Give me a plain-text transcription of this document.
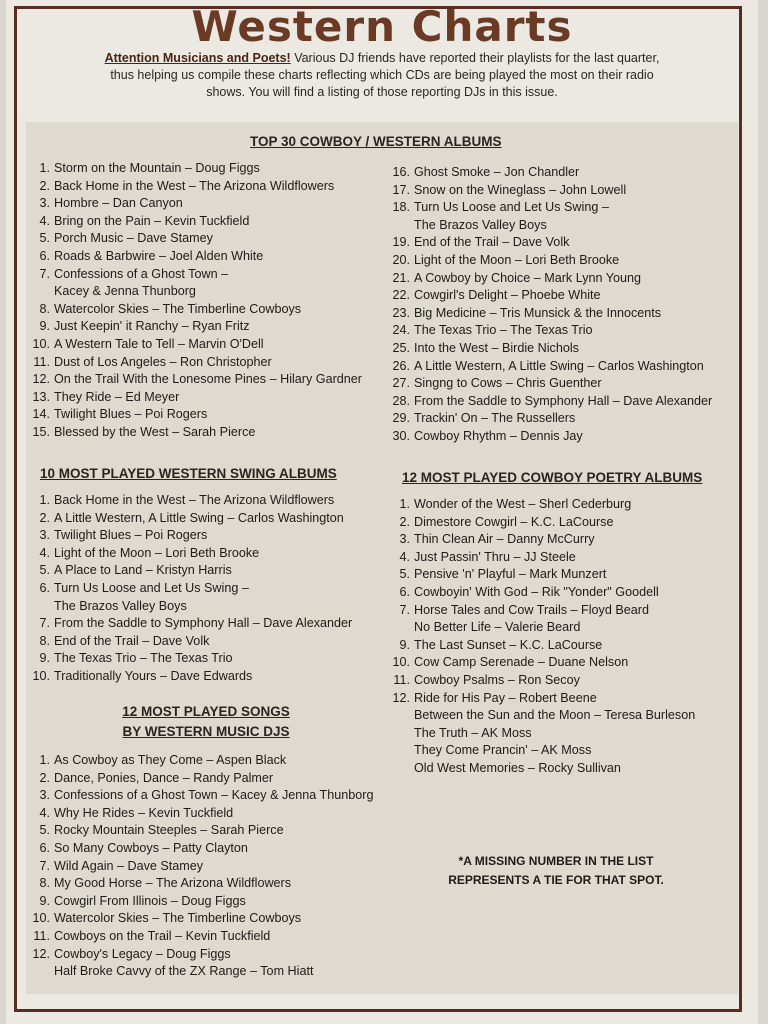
Western Charts
Attention Musicians and Poets! Various DJ friends have reported their playlists for the last quarter, thus helping us compile these charts reflecting which CDs are being played the most on their radio shows. You will find a listing of those reporting DJs in this issue.
TOP 30 COWBOY / WESTERN ALBUMS
1. Storm on the Mountain – Doug Figgs
2. Back Home in the West – The Arizona Wildflowers
3. Hombre – Dan Canyon
4. Bring on the Pain – Kevin Tuckfield
5. Porch Music – Dave Stamey
6. Roads & Barbwire – Joel Alden White
7. Confessions of a Ghost Town –
Kacey & Jenna Thunborg
8. Watercolor Skies – The Timberline Cowboys
9. Just Keepin' it Ranchy – Ryan Fritz
10. A Western Tale to Tell – Marvin O'Dell
11. Dust of Los Angeles – Ron Christopher
12. On the Trail With the Lonesome Pines – Hilary Gardner
13. They Ride – Ed Meyer
14. Twilight Blues – Poi Rogers
15. Blessed by the West – Sarah Pierce
16. Ghost Smoke – Jon Chandler
17. Snow on the Wineglass – John Lowell
18. Turn Us Loose and Let Us Swing –
The Brazos Valley Boys
19. End of the Trail – Dave Volk
20. Light of the Moon – Lori Beth Brooke
21. A Cowboy by Choice – Mark Lynn Young
22. Cowgirl's Delight – Phoebe White
23. Big Medicine – Tris Munsick & the Innocents
24. The Texas Trio – The Texas Trio
25. Into the West – Birdie Nichols
26. A Little Western, A Little Swing – Carlos Washington
27. Singng to Cows – Chris Guenther
28. From the Saddle to Symphony Hall – Dave Alexander
29. Trackin' On – The Russellers
30. Cowboy Rhythm – Dennis Jay
10 MOST PLAYED WESTERN SWING ALBUMS
1. Back Home in the West – The Arizona Wildflowers
2. A Little Western, A Little Swing – Carlos Washington
3. Twilight Blues – Poi Rogers
4. Light of the Moon – Lori Beth Brooke
5. A Place to Land – Kristyn Harris
6. Turn Us Loose and Let Us Swing –
The Brazos Valley Boys
7. From the Saddle to Symphony Hall – Dave Alexander
8. End of the Trail – Dave Volk
9. The Texas Trio – The Texas Trio
10. Traditionally Yours – Dave Edwards
12 MOST PLAYED COWBOY POETRY ALBUMS
1. Wonder of the West – Sherl Cederburg
2. Dimestore Cowgirl – K.C. LaCourse
3. Thin Clean Air – Danny McCurry
4. Just Passin' Thru – JJ Steele
5. Pensive 'n' Playful – Mark Munzert
6. Cowboyin' With God – Rik "Yonder" Goodell
7. Horse Tales and Cow Trails – Floyd Beard
No Better Life – Valerie Beard
9. The Last Sunset – K.C. LaCourse
10. Cow Camp Serenade – Duane Nelson
11. Cowboy Psalms – Ron Secoy
12. Ride for His Pay – Robert Beene
Between the Sun and the Moon – Teresa Burleson
The Truth – AK Moss
They Come Prancin' – AK Moss
Old West Memories – Rocky Sullivan
12 MOST PLAYED SONGS
BY WESTERN MUSIC DJS
1. As Cowboy as They Come – Aspen Black
2. Dance, Ponies, Dance – Randy Palmer
3. Confessions of a Ghost Town – Kacey & Jenna Thunborg
4. Why He Rides – Kevin Tuckfield
5. Rocky Mountain Steeples – Sarah Pierce
6. So Many Cowboys – Patty Clayton
7. Wild Again – Dave Stamey
8. My Good Horse – The Arizona Wildflowers
9. Cowgirl From Illinois – Doug Figgs
10. Watercolor Skies – The Timberline Cowboys
11. Cowboys on the Trail – Kevin Tuckfield
12. Cowboy's Legacy – Doug Figgs
Half Broke Cavvy of the ZX Range – Tom Hiatt
*A MISSING NUMBER IN THE LIST
REPRESENTS A TIE FOR THAT SPOT.
